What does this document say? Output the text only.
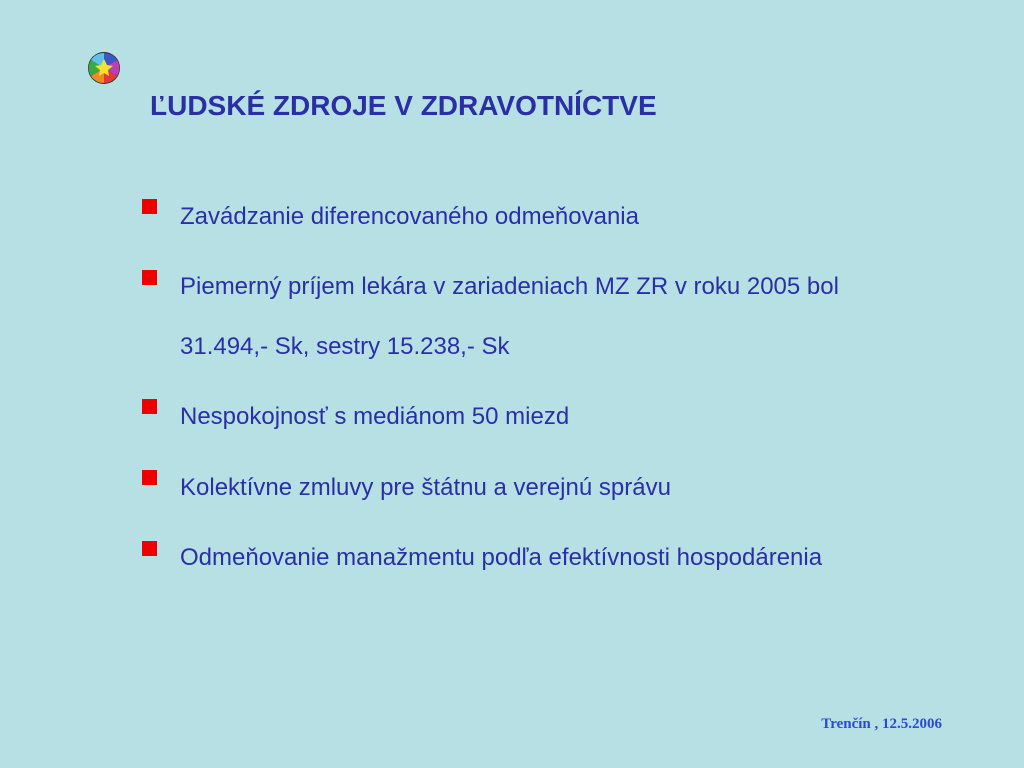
ĽUDSKÉ ZDROJE V ZDRAVOTNÍCTVE
Zavádzanie diferencovaného odmeňovania
Piemerný príjem lekára v zariadeniach MZ ZR v roku 2005 bol 31.494,- Sk, sestry 15.238,- Sk
Nespokojnosť s mediánom 50 miezd
Kolektívne zmluvy pre štátnu a verejnú správu
Odmeňovanie manažmentu podľa efektívnosti hospodárenia
Trenčín , 12.5.2006
